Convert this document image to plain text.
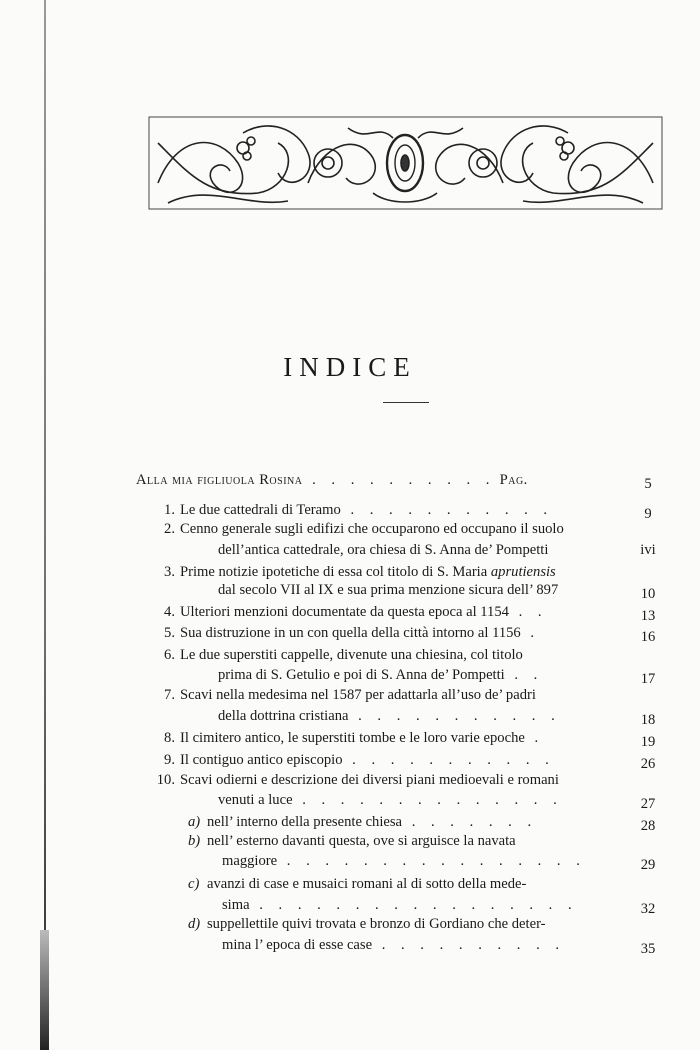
INDICE
Alla mia figliuola Rosina . . . . . . . . . . Pag.	5
1. Le due cattedrali di Teramo . . . . . . . . . . .	9
2. Cenno generale sugli edifizi che occuparono ed occupano il suolo
dell’antica cattedrale, ora chiesa di S. Anna de’ Pompetti	ivi
3. Prime notizie ipotetiche di essa col titolo di S. Maria aprutiensis
dal secolo VII al IX e sua prima menzione sicura dell’ 897	10
4. Ulteriori menzioni documentate da questa epoca al 1154 . .	13
5. Sua distruzione in un con quella della città intorno al 1156 .	16
6. Le due superstiti cappelle, divenute una chiesina, col titolo
prima di S. Getulio e poi di S. Anna de’ Pompetti . .	17
7. Scavi nella medesima nel 1587 per adattarla all’uso de’ padri
della dottrina cristiana . . . . . . . . . . .	18
8. Il cimitero antico, le superstiti tombe e le loro varie epoche .	19
9. Il contiguo antico episcopio . . . . . . . . . . .	26
10. Scavi odierni e descrizione dei diversi piani medioevali e romani
venuti a luce . . . . . . . . . . . . . .	27
a) nell’ interno della presente chiesa . . . . . . .	28
b) nell’ esterno davanti questa, ove si arguisce la navata
maggiore . . . . . . . . . . . . . . . .	29
c) avanzi di case e musaici romani al di sotto della mede-
sima . . . . . . . . . . . . . . . . .	32
d) suppellettile quivi trovata e bronzo di Gordiano che deter-
mina l’ epoca di esse case . . . . . . . . . .	35
